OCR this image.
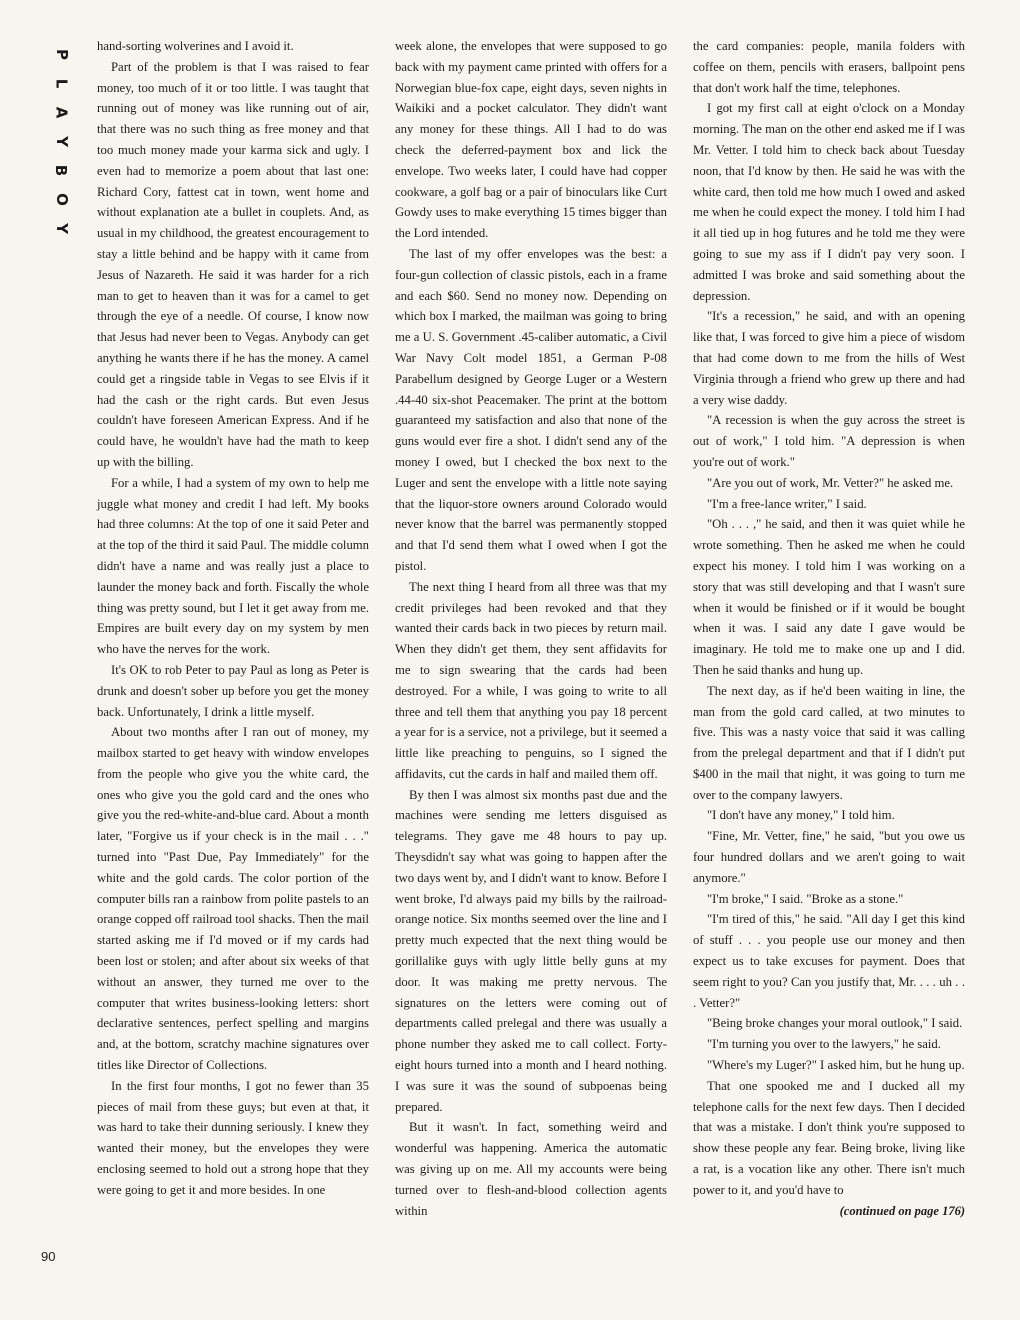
P
L
A
Y
B
O
Y
90

hand-sorting wolverines and I avoid it.

Part of the problem is that I was raised to fear money, too much of it or too little. I was taught that running out of money was like running out of air, that there was no such thing as free money and that too much money made your karma sick and ugly. I even had to memorize a poem about that last one: Richard Cory, fattest cat in town, went home and without explanation ate a bullet in couplets. And, as usual in my childhood, the greatest encouragement to stay a little behind and be happy with it came from Jesus of Nazareth. He said it was harder for a rich man to get to heaven than it was for a camel to get through the eye of a needle. Of course, I know now that Jesus had never been to Vegas. Anybody can get anything he wants there if he has the money. A camel could get a ringside table in Vegas to see Elvis if it had the cash or the right cards. But even Jesus couldn't have foreseen American Express. And if he could have, he wouldn't have had the math to keep up with the billing.

For a while, I had a system of my own to help me juggle what money and credit I had left. My books had three columns: At the top of one it said Peter and at the top of the third it said Paul. The middle column didn't have a name and was really just a place to launder the money back and forth. Fiscally the whole thing was pretty sound, but I let it get away from me. Empires are built every day on my system by men who have the nerves for the work.

It's OK to rob Peter to pay Paul as long as Peter is drunk and doesn't sober up before you get the money back. Unfortunately, I drink a little myself.

About two months after I ran out of money, my mailbox started to get heavy with window envelopes from the people who give you the white card, the ones who give you the gold card and the ones who give you the red-white-and-blue card. About a month later, "Forgive us if your check is in the mail . . ." turned into "Past Due, Pay Immediately" for the white and the gold cards. The color portion of the computer bills ran a rainbow from polite pastels to an orange copped off railroad tool shacks. Then the mail started asking me if I'd moved or if my cards had been lost or stolen; and after about six weeks of that without an answer, they turned me over to the computer that writes business-looking letters: short declarative sentences, perfect spelling and margins and, at the bottom, scratchy machine signatures over titles like Director of Collections.

In the first four months, I got no fewer than 35 pieces of mail from these guys; but even at that, it was hard to take their dunning seriously. I knew they wanted their money, but the envelopes they were enclosing seemed to hold out a strong hope that they were going to get it and more besides. In one

week alone, the envelopes that were supposed to go back with my payment came printed with offers for a Norwegian blue-fox cape, eight days, seven nights in Waikiki and a pocket calculator. They didn't want any money for these things. All I had to do was check the deferred-payment box and lick the envelope. Two weeks later, I could have had copper cookware, a golf bag or a pair of binoculars like Curt Gowdy uses to make everything 15 times bigger than the Lord intended.

The last of my offer envelopes was the best: a four-gun collection of classic pistols, each in a frame and each $60. Send no money now. Depending on which box I marked, the mailman was going to bring me a U. S. Government .45-caliber automatic, a Civil War Navy Colt model 1851, a German P-08 Parabellum designed by George Luger or a Western .44-40 six-shot Peacemaker. The print at the bottom guaranteed my satisfaction and also that none of the guns would ever fire a shot. I didn't send any of the money I owed, but I checked the box next to the Luger and sent the envelope with a little note saying that the liquor-store owners around Colorado would never know that the barrel was permanently stopped and that I'd send them what I owed when I got the pistol.

The next thing I heard from all three was that my credit privileges had been revoked and that they wanted their cards back in two pieces by return mail. When they didn't get them, they sent affidavits for me to sign swearing that the cards had been destroyed. For a while, I was going to write to all three and tell them that anything you pay 18 percent a year for is a service, not a privilege, but it seemed a little like preaching to penguins, so I signed the affidavits, cut the cards in half and mailed them off.

By then I was almost six months past due and the machines were sending me letters disguised as telegrams. They gave me 48 hours to pay up. Theysdidn't say what was going to happen after the two days went by, and I didn't want to know. Before I went broke, I'd always paid my bills by the railroad-orange notice. Six months seemed over the line and I pretty much expected that the next thing would be gorillalike guys with ugly little belly guns at my door. It was making me pretty nervous. The signatures on the letters were coming out of departments called prelegal and there was usually a phone number they asked me to call collect. Forty-eight hours turned into a month and I heard nothing. I was sure it was the sound of subpoenas being prepared.

But it wasn't. In fact, something weird and wonderful was happening. America the automatic was giving up on me. All my accounts were being turned over to flesh-and-blood collection agents within

the card companies: people, manila folders with coffee on them, pencils with erasers, ballpoint pens that don't work half the time, telephones.

I got my first call at eight o'clock on a Monday morning. The man on the other end asked me if I was Mr. Vetter. I told him to check back about Tuesday noon, that I'd know by then. He said he was with the white card, then told me how much I owed and asked me when he could expect the money. I told him I had it all tied up in hog futures and he told me they were going to sue my ass if I didn't pay very soon. I admitted I was broke and said something about the depression.

"It's a recession," he said, and with an opening like that, I was forced to give him a piece of wisdom that had come down to me from the hills of West Virginia through a friend who grew up there and had a very wise daddy.

"A recession is when the guy across the street is out of work," I told him. "A depression is when you're out of work."

"Are you out of work, Mr. Vetter?" he asked me.

"I'm a free-lance writer," I said.

"Oh . . . ," he said, and then it was quiet while he wrote something. Then he asked me when he could expect his money. I told him I was working on a story that was still developing and that I wasn't sure when it would be finished or if it would be bought when it was. I said any date I gave would be imaginary. He told me to make one up and I did. Then he said thanks and hung up.

The next day, as if he'd been waiting in line, the man from the gold card called, at two minutes to five. This was a nasty voice that said it was calling from the prelegal department and that if I didn't put $400 in the mail that night, it was going to turn me over to the company lawyers.

"I don't have any money," I told him.

"Fine, Mr. Vetter, fine," he said, "but you owe us four hundred dollars and we aren't going to wait anymore."

"I'm broke," I said. "Broke as a stone."

"I'm tired of this," he said. "All day I get this kind of stuff . . . you people use our money and then expect us to take excuses for payment. Does that seem right to you? Can you justify that, Mr. . . . uh . . . Vetter?"

"Being broke changes your moral outlook," I said.

"I'm turning you over to the lawyers," he said.

"Where's my Luger?" I asked him, but he hung up.

That one spooked me and I ducked all my telephone calls for the next few days. Then I decided that was a mistake. I don't think you're supposed to show these people any fear. Being broke, living like a rat, is a vocation like any other. There isn't much power to it, and you'd have to

(continued on page 176)
